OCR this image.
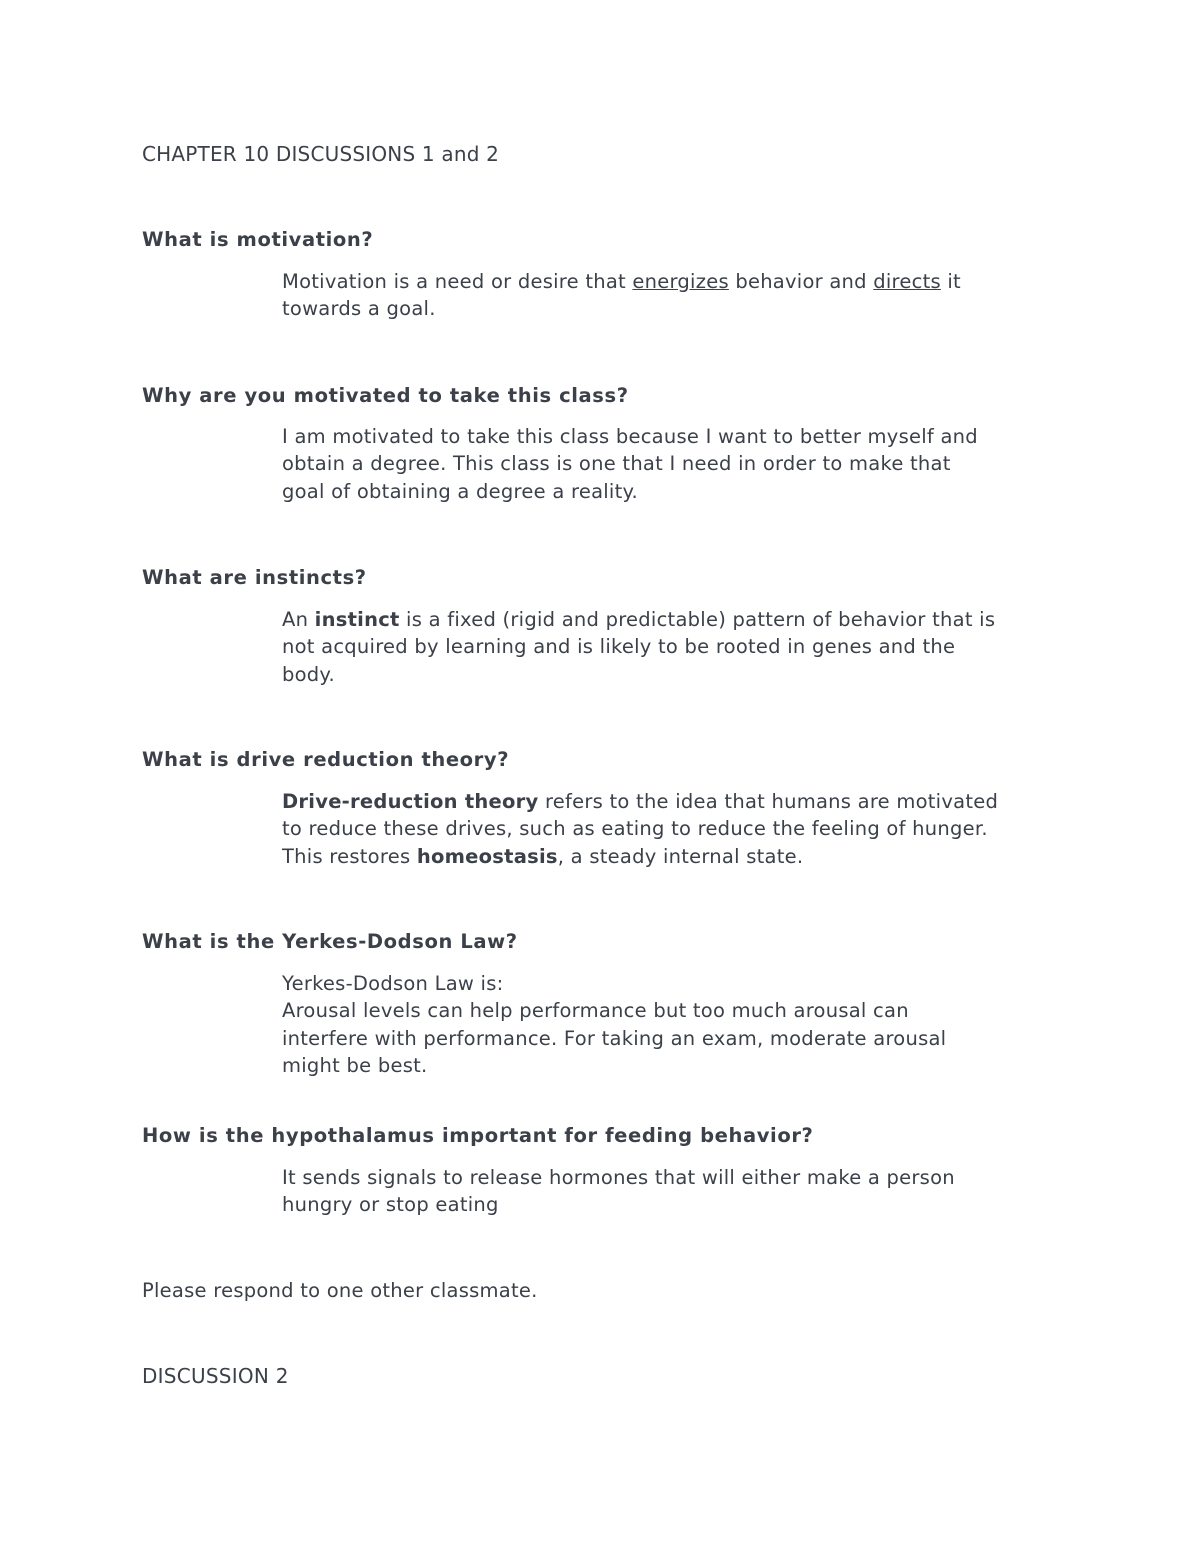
CHAPTER 10 DISCUSSIONS 1 and 2
What is motivation?
Motivation is a need or desire that energizes behavior and directs it
towards a goal.
Why are you motivated to take this class?
I am motivated to take this class because I want to better myself and
obtain a degree. This class is one that I need in order to make that
goal of obtaining a degree a reality.
What are instincts?
An instinct is a fixed (rigid and predictable) pattern of behavior that is
not acquired by learning and is likely to be rooted in genes and the
body.
What is drive reduction theory?
Drive-reduction theory refers to the idea that humans are motivated
to reduce these drives, such as eating to reduce the feeling of hunger.
This restores homeostasis, a steady internal state.
What is the Yerkes-Dodson Law?
Yerkes-Dodson Law is:
Arousal levels can help performance but too much arousal can
interfere with performance. For taking an exam, moderate arousal
might be best.
How is the hypothalamus important for feeding behavior?
It sends signals to release hormones that will either make a person
hungry or stop eating
Please respond to one other classmate.
DISCUSSION 2
